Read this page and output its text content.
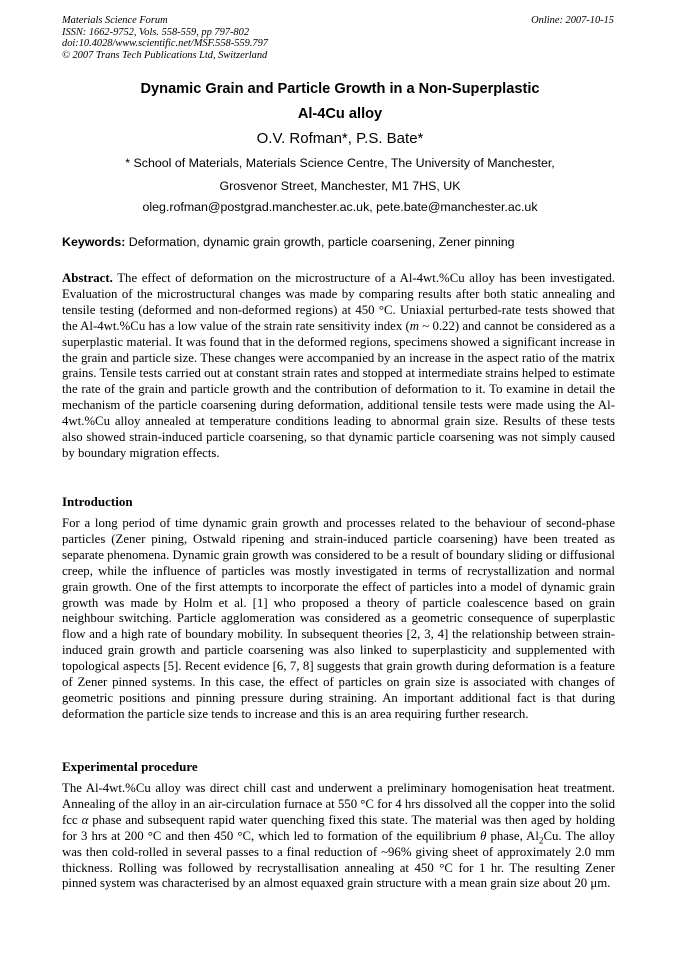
Materials Science Forum
ISSN: 1662-9752, Vols. 558-559, pp 797-802
doi:10.4028/www.scientific.net/MSF.558-559.797
© 2007 Trans Tech Publications Ltd, Switzerland
Online: 2007-10-15
Dynamic Grain and Particle Growth in a Non-Superplastic
Al-4Cu alloy
O.V. Rofman*, P.S. Bate*
* School of Materials, Materials Science Centre, The University of Manchester,
Grosvenor Street, Manchester, M1 7HS, UK
oleg.rofman@postgrad.manchester.ac.uk, pete.bate@manchester.ac.uk
Keywords: Deformation, dynamic grain growth, particle coarsening, Zener pinning
Abstract. The effect of deformation on the microstructure of a Al-4wt.%Cu alloy has been investigated. Evaluation of the microstructural changes was made by comparing results after both static annealing and tensile testing (deformed and non-deformed regions) at 450 °C. Uniaxial perturbed-rate tests showed that the Al-4wt.%Cu has a low value of the strain rate sensitivity index (m ~ 0.22) and cannot be considered as a superplastic material. It was found that in the deformed regions, specimens showed a significant increase in the grain and particle size. These changes were accompanied by an increase in the aspect ratio of the matrix grains. Tensile tests carried out at constant strain rates and stopped at intermediate strains helped to estimate the rate of the grain and particle growth and the contribution of deformation to it. To examine in detail the mechanism of the particle coarsening during deformation, additional tensile tests were made using the Al-4wt.%Cu alloy annealed at temperature conditions leading to abnormal grain size. Results of these tests also showed strain-induced particle coarsening, so that dynamic particle coarsening was not simply caused by boundary migration effects.
Introduction
For a long period of time dynamic grain growth and processes related to the behaviour of second-phase particles (Zener pining, Ostwald ripening and strain-induced particle coarsening) have been treated as separate phenomena. Dynamic grain growth was considered to be a result of boundary sliding or diffusional creep, while the influence of particles was mostly investigated in terms of recrystallization and normal grain growth. One of the first attempts to incorporate the effect of particles into a model of dynamic grain growth was made by Holm et al. [1] who proposed a theory of particle coalescence based on grain neighbour switching. Particle agglomeration was considered as a geometric consequence of superplastic flow and a high rate of boundary mobility. In subsequent theories [2, 3, 4] the relationship between strain-induced grain growth and particle coarsening was also linked to superplasticity and supplemented with topological aspects [5]. Recent evidence [6, 7, 8] suggests that grain growth during deformation is a feature of Zener pinned systems. In this case, the effect of particles on grain size is associated with changes of geometric positions and pinning pressure during straining. An important additional fact is that during deformation the particle size tends to increase and this is an area requiring further research.
Experimental procedure
The Al-4wt.%Cu alloy was direct chill cast and underwent a preliminary homogenisation heat treatment. Annealing of the alloy in an air-circulation furnace at 550 °C for 4 hrs dissolved all the copper into the solid fcc α phase and subsequent rapid water quenching fixed this state. The material was then aged by holding for 3 hrs at 200 °C and then 450 °C, which led to formation of the equilibrium θ phase, $Al_2Cu$. The alloy was then cold-rolled in several passes to a final reduction of ~96% giving sheet of approximately 2.0 mm thickness. Rolling was followed by recrystallisation annealing at 450 °C for 1 hr. The resulting Zener pinned system was characterised by an almost equaxed grain structure with a mean grain size about 20 μm.
